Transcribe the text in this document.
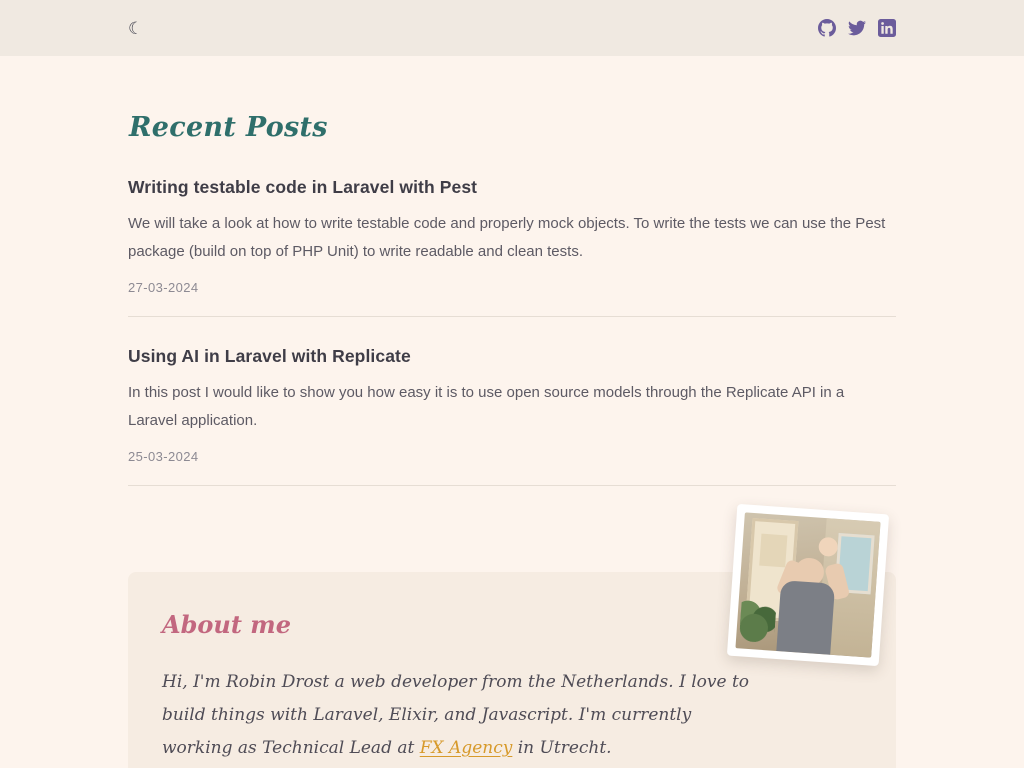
☾
Recent Posts
Writing testable code in Laravel with Pest

We will take a look at how to write testable code and properly mock objects. To write the tests we can use the Pest package (build on top of PHP Unit) to write readable and clean tests.

27-03-2024
Using AI in Laravel with Replicate

In this post I would like to show you how easy it is to use open source models through the Replicate API in a Laravel application.

25-03-2024
About me

Hi, I'm Robin Drost a web developer from the Netherlands. I love to build things with Laravel, Elixir, and Javascript. I'm currently working as Technical Lead at FX Agency in Utrecht.
